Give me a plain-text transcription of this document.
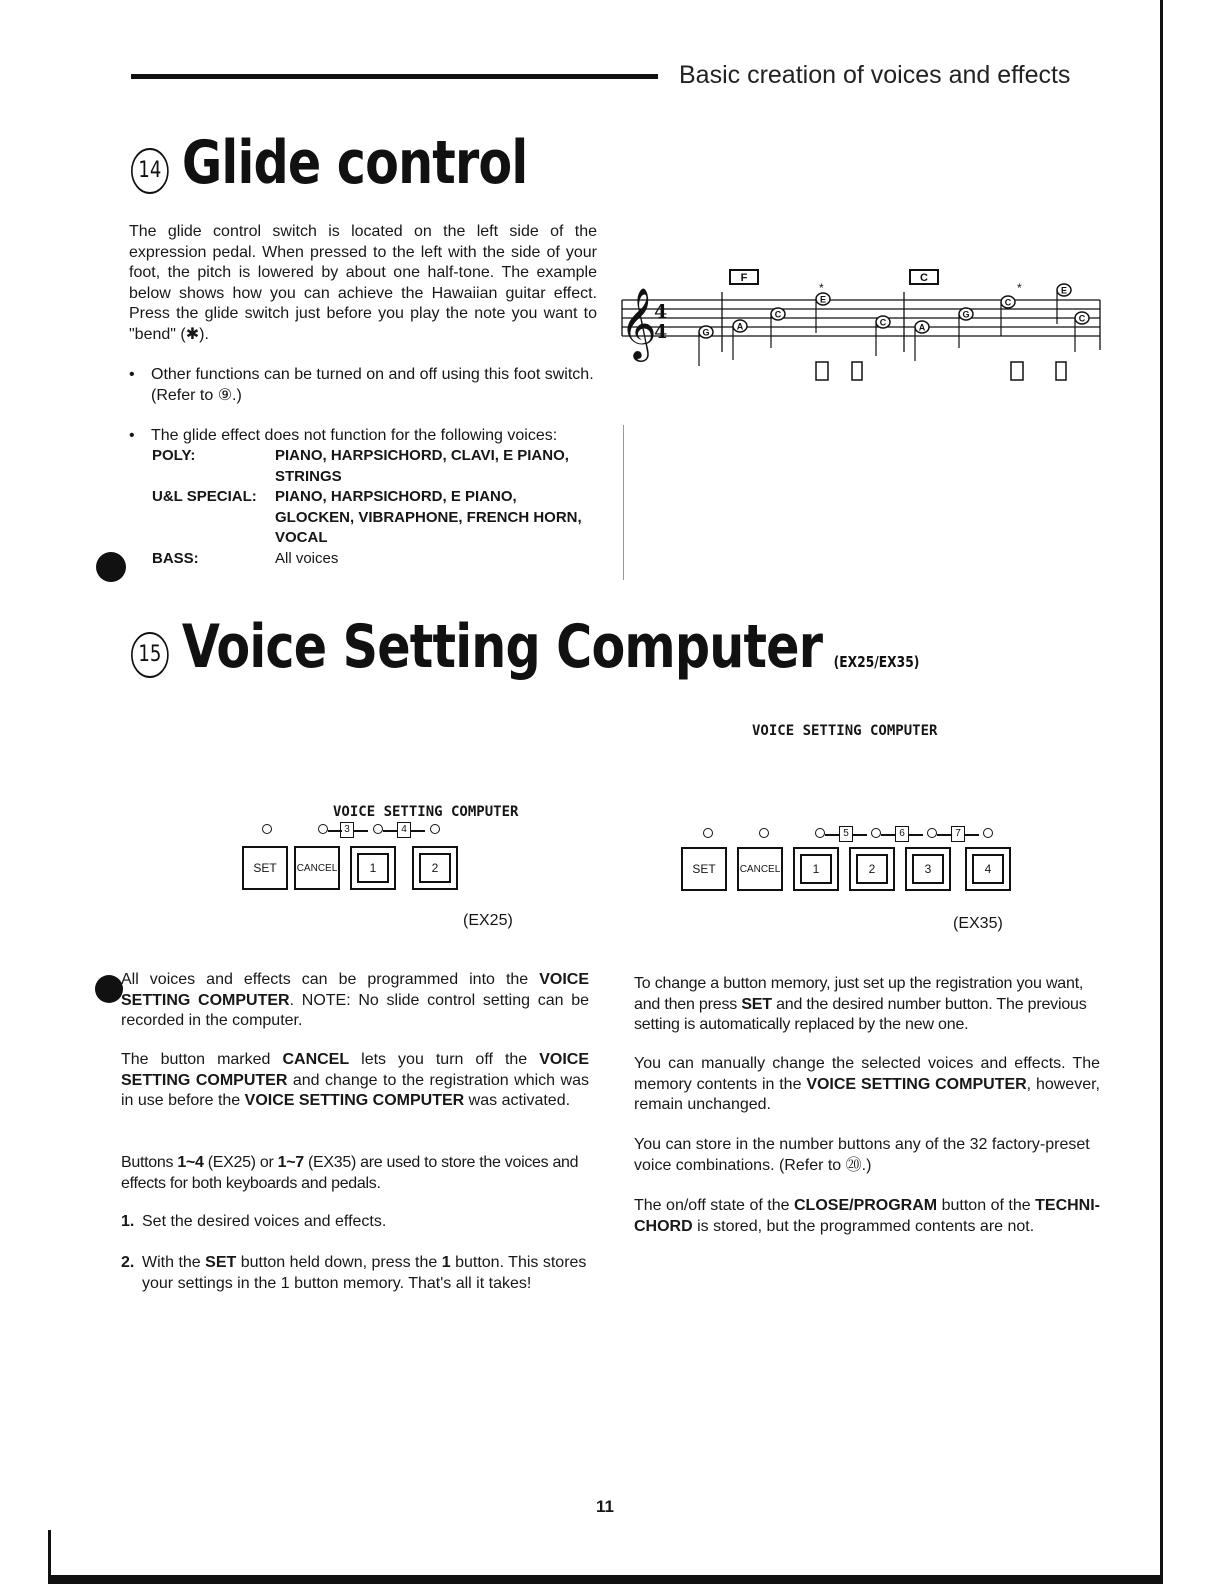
Basic creation of voices and effects
14 Glide control
The glide control switch is located on the left side of the expression pedal. When pressed to the left with the side of your foot, the pitch is lowered by about one half-tone. The example below shows how you can achieve the Hawaiian guitar effect. Press the glide switch just before you play the note you want to "bend" (✱).
• Other functions can be turned on and off using this foot switch. (Refer to ⑨.)
• The glide effect does not function for the following voices:
POLY:	PIANO, HARPSICHORD, CLAVI, E PIANO, STRINGS
U&L SPECIAL:	PIANO, HARPSICHORD, E PIANO, GLOCKEN, VIBRAPHONE, FRENCH HORN, VOCAL
BASS:	All voices
𝄞
4
4	G
A
C
E
C	A
G
C
E
C
F	C
*	*
15 Voice Setting Computer (EX25/EX35)
VOICE SETTING COMPUTER
VOICE SETTING COMPUTER
3	4
SET	CANCEL	1	2
(EX25)
5	6	7
SET	CANCEL	1	2	3	4
(EX35)
All voices and effects can be programmed into the VOICE SETTING COMPUTER. NOTE: No slide control setting can be recorded in the computer.
The button marked CANCEL lets you turn off the VOICE SETTING COMPUTER and change to the registration which was in use before the VOICE SETTING COMPUTER was activated.
Buttons 1~4 (EX25) or 1~7 (EX35) are used to store the voices and effects for both keyboards and pedals.
1. Set the desired voices and effects.
2. With the SET button held down, press the 1 button. This stores your settings in the 1 button memory. That's all it takes!
To change a button memory, just set up the registration you want, and then press SET and the desired number button. The previous setting is automatically replaced by the new one.
You can manually change the selected voices and effects. The memory contents in the VOICE SETTING COMPUTER, however, remain unchanged.
You can store in the number buttons any of the 32 factory-preset voice combinations. (Refer to ⑳.)
The on/off state of the CLOSE/PROGRAM button of the TECHNI-CHORD is stored, but the programmed contents are not.
11
